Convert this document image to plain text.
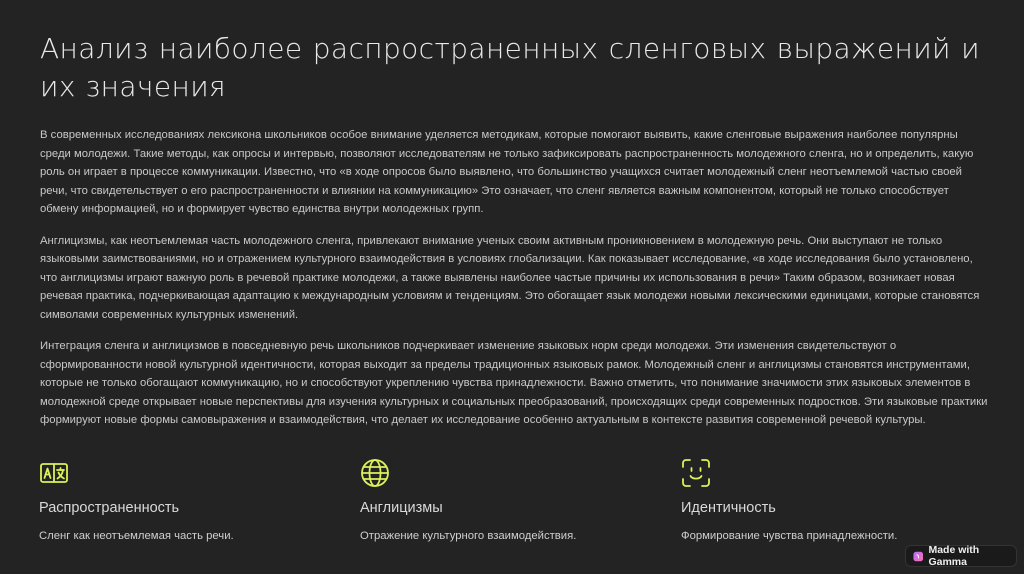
Анализ наиболее распространенных сленговых выражений и их значения

В современных исследованиях лексикона школьников особое внимание уделяется методикам, которые помогают выявить, какие сленговые выражения наиболее популярны среди молодежи. Такие методы, как опросы и интервью, позволяют исследователям не только зафиксировать распространенность молодежного сленга, но и определить, какую роль он играет в процессе коммуникации. Известно, что «в ходе опросов было выявлено, что большинство учащихся считает молодежный сленг неотъемлемой частью своей речи, что свидетельствует о его распространенности и влиянии на коммуникацию» Это означает, что сленг является важным компонентом, который не только способствует обмену информацией, но и формирует чувство единства внутри молодежных групп.

Англицизмы, как неотъемлемая часть молодежного сленга, привлекают внимание ученых своим активным проникновением в молодежную речь. Они выступают не только языковыми заимствованиями, но и отражением культурного взаимодействия в условиях глобализации. Как показывает исследование, «в ходе исследования было установлено, что англицизмы играют важную роль в речевой практике молодежи, а также выявлены наиболее частые причины их использования в речи» Таким образом, возникает новая речевая практика, подчеркивающая адаптацию к международным условиям и тенденциям. Это обогащает язык молодежи новыми лексическими единицами, которые становятся символами современных культурных изменений.

Интеграция сленга и англицизмов в повседневную речь школьников подчеркивает изменение языковых норм среди молодежи. Эти изменения свидетельствуют о сформированности новой культурной идентичности, которая выходит за пределы традиционных языковых рамок. Молодежный сленг и англицизмы становятся инструментами, которые не только обогащают коммуникацию, но и способствуют укреплению чувства принадлежности. Важно отметить, что понимание значимости этих языковых элементов в молодежной среде открывает новые перспективы для изучения культурных и социальных преобразований, происходящих среди современных подростков. Эти языковые практики формируют новые формы самовыражения и взаимодействия, что делает их исследование особенно актуальным в контексте развития современной речевой культуры.

Распространенность
Сленг как неотъемлемая часть речи.
Англицизмы
Отражение культурного взаимодействия.
Идентичность
Формирование чувства принадлежности.
Made with Gamma
